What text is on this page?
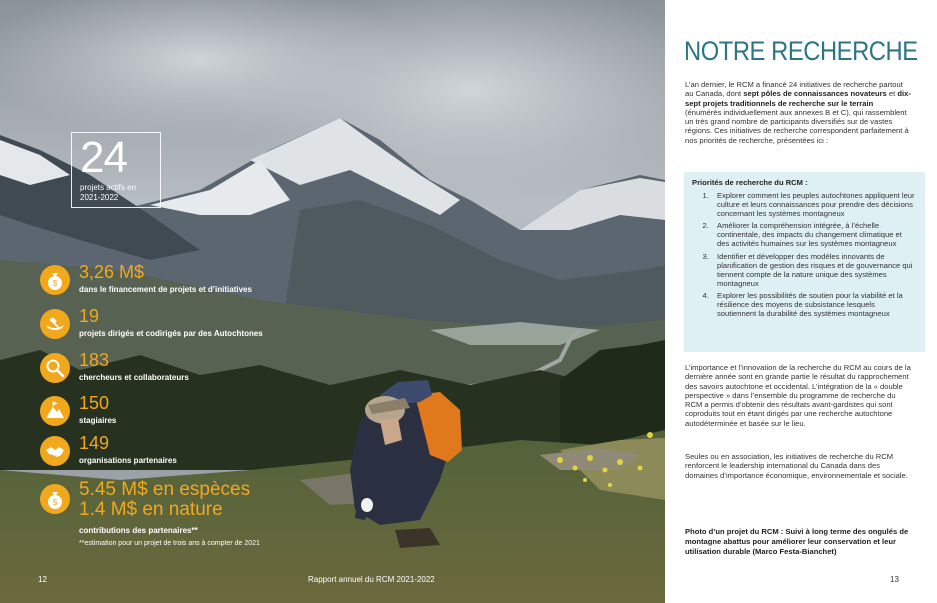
24
projets actifs en 2021-2022
$
3,26 M$
dans le financement de projets et d’initiatives
19
projets dirigés et codirigés par des Autochtones
183
chercheurs et collaborateurs
150
stagiaires
149
organisations partenaires
$
5.45 M$ en espèces
1.4 M$ en nature
contributions des partenaires**
**estimation pour un projet de trois ans à compter de 2021
12	Rapport annuel du RCM 2021-2022
NOTRE RECHERCHE
L’an dernier, le RCM a financé 24 initiatives de recherche partout au Canada, dont sept pôles de connaissances novateurs et dix-sept projets traditionnels de recherche sur le terrain (énumérés individuellement aux annexes B et C), qui rassemblent un très grand nombre de participants diversifiés sur de vastes régions. Ces initiatives de recherche correspondent parfaitement à nos priorités de recherche, présentées ici :
Priorités de recherche du RCM :
1. Explorer comment les peuples autochtones appliquent leur culture et leurs connaissances pour prendre des décisions concernant les systèmes montagneux
2. Améliorer la compréhension intégrée, à l’échelle continentale, des impacts du changement climatique et des activités humaines sur les systèmes montagneux
3. Identifier et développer des modèles innovants de planification de gestion des risques et de gouvernance qui tiennent compte de la nature unique des systèmes montagneux
4. Explorer les possibilités de soutien pour la viabilité et la résilience des moyens de subsistance lesquels soutiennent la durabilité des systèmes montagneux
L’importance et l’innovation de la recherche du RCM au cours de la dernière année sont en grande partie le résultat du rapprochement des savoirs autochtone et occidental. L’intégration de la « double perspective » dans l’ensemble du programme de recherche du RCM a permis d’obtenir des résultats avant-gardistes qui sont coproduits tout en étant dirigés par une recherche autochtone autodéterminée et basée sur le lieu.
Seules ou en association, les initiatives de recherche du RCM renforcent le leadership international du Canada dans des domaines d’importance économique, environnementale et sociale.
Photo d’un projet du RCM : Suivi à long terme des ongulés de montagne abattus pour améliorer leur conservation et leur utilisation durable (Marco Festa-Bianchet)
13
